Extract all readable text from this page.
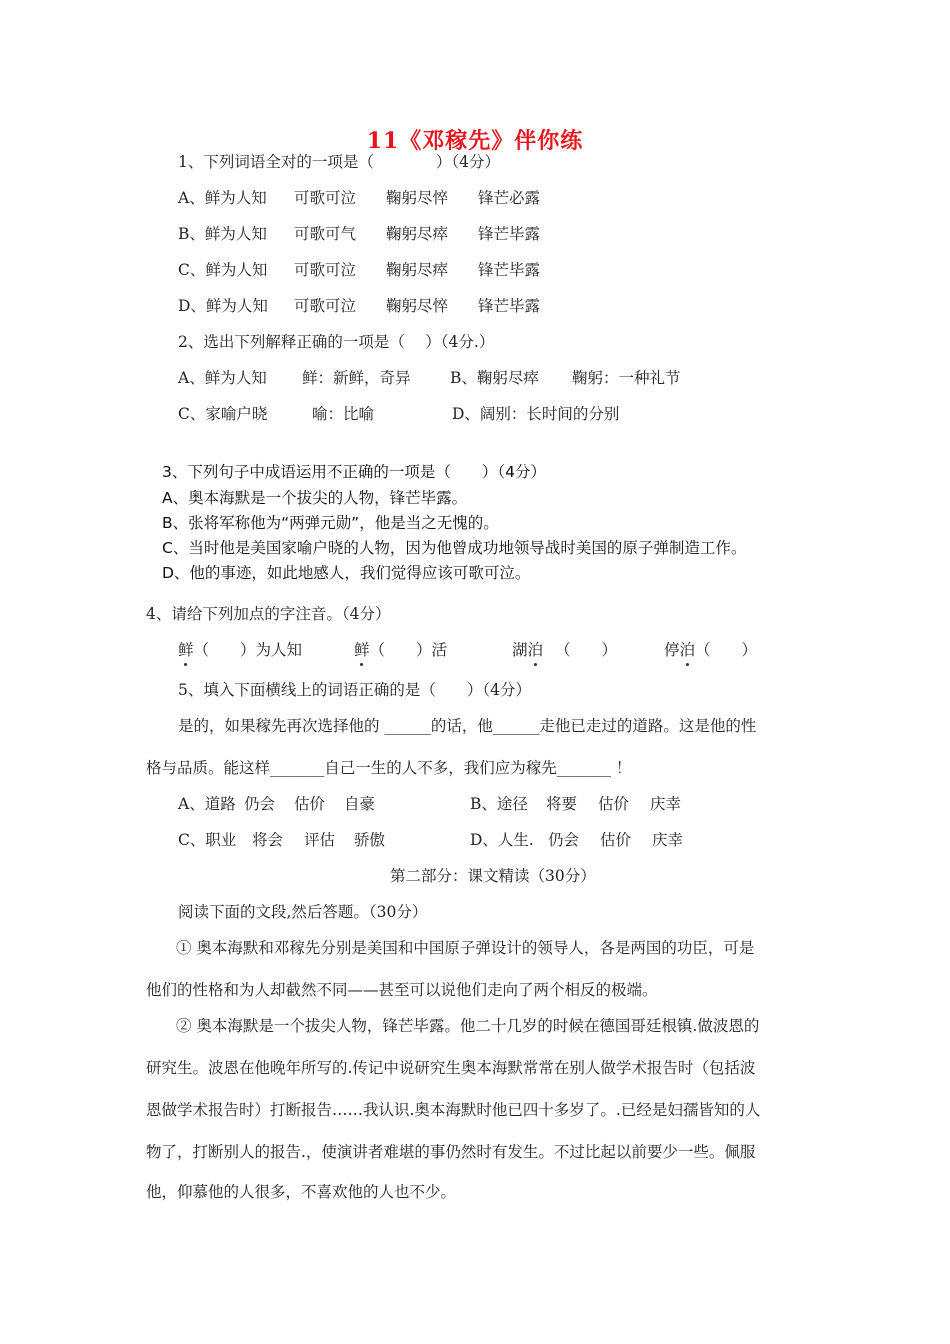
11《邓稼先》伴你练
1、下列词语全对的一项是（　　　　）（4分）
A、鲜为人知 可歌可泣 鞠躬尽悴 锋芒必露
B、鲜为人知 可歌可气 鞠躬尽瘁 锋芒毕露
C、鲜为人知 可歌可泣 鞠躬尽瘁 锋芒毕露
D、鲜为人知 可歌可泣 鞠躬尽悴 锋芒毕露
2、选出下列解释正确的一项是（　 ）（4分.）
A、鲜为人知 鲜：新鲜，奇异	B、鞠躬尽瘁 鞠躬：一种礼节
C、家喻户晓	喻：比喻	D、阔别：长时间的分别
3、下列句子中成语运用不正确的一项是（　　）（4分）
A、奥本海默是一个拔尖的人物，锋芒毕露。
B、张将军称他为“两弹元勋”，他是当之无愧的。
C、当时他是美国家喻户晓的人物，因为他曾成功地领导战时美国的原子弹制造工作。
D、他的事迹，如此地感人，我们觉得应该可歌可泣。
4、请给下列加点的字注音。（4分）
鲜（　　）为人知	鲜（　　）活	湖泊 （　　）	停泊（　　）
5、填入下面横线上的词语正确的是（　　）（4分）
是的，如果稼先再次选择他的 ______的话，他______走他已走过的道路。这是他的性
格与品质。能这样_______自己一生的人不多，我们应为稼先_______ ！
A、道路 仍会 估价 自豪	B、途径 将要 估价 庆幸
C、职业 将会 评估 骄傲	D、人生. 仍会 估价 庆幸
第二部分：课文精读（30分）
阅读下面的文段,然后答题。（30分）
① 奥本海默和邓稼先分别是美国和中国原子弹设计的领导人，各是两国的功臣，可是
他们的性格和为人却截然不同——甚至可以说他们走向了两个相反的极端。
② 奥本海默是一个拔尖人物，锋芒毕露。他二十几岁的时候在德国哥廷根镇.做波恩的
研究生。波恩在他晚年所写的.传记中说研究生奥本海默常常在别人做学术报告时（包括波
恩做学术报告时）打断报告……我认识.奥本海默时他已四十多岁了。.已经是妇孺皆知的人
物了，打断别人的报告.，使演讲者难堪的事仍然时有发生。不过比起以前要少一些。佩服
他，仰慕他的人很多，不喜欢他的人也不少。
